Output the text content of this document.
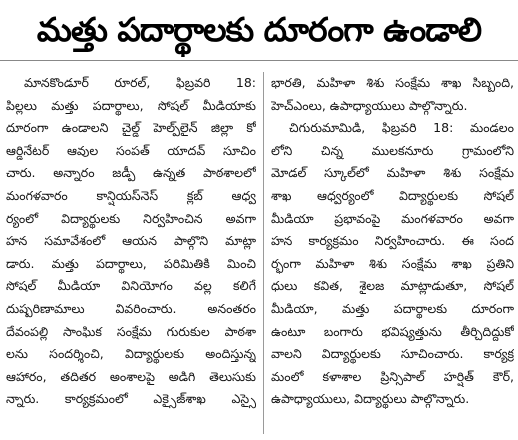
మత్తు పదార్థాలకు దూరంగా ఉండాలి
మానకొండూర్ రూరల్, ఫిబ్రవరి 18:
పిల్లలు మత్తు పదార్థాలు, సోషల్ మీడియాకు
దూరంగా ఉండాలని చైల్డ్ హెల్ప్‌లైన్ జిల్లా కో
ఆర్డినేటర్ ఆవుల సంపత్ యాదవ్ సూచిం
చారు. అన్నారం జడ్పీ ఉన్నత పాఠశాలలో
మంగళవారం కాన్షియస్‌నెస్ క్లబ్ ఆధ్వ
ర్యంలో విద్యార్థులకు నిర్వహించిన అవగా
హన సమావేశంలో ఆయన పాల్గొని మాట్లా
డారు. మత్తు పదార్థాలు, పరిమితికి మించి
సోషల్ మీడియా వినియోగం వల్ల కలిగే
దుష్పరిణామాలు వివరించారు. అనంతరం
దేవంపల్లి సాంఘిక సంక్షేమ గురుకుల పాఠశా
లను సందర్శించి, విద్యార్థులకు అందిస్తున్న
ఆహారం, తదితర అంశాలపై అడిగి తెలుసుకు
న్నారు. కార్యక్రమంలో ఎక్సైజ్‌శాఖ ఎస్సై
భారతి, మహిళా శిశు సంక్షేమ శాఖ సిబ్బంది,
హెచ్ఎంలు, ఉపాధ్యాయులు పాల్గొన్నారు.
చిగురుమామిడి, ఫిబ్రవరి 18: మండలం
లోని చిన్న ములకనూరు గ్రామంలోని
మోడల్ స్కూల్‌లో మహిళా శిశు సంక్షేమ
శాఖ ఆధ్వర్యంలో విద్యార్థులకు సోషల్
మీడియా ప్రభావంపై మంగళవారం అవగా
హన కార్యక్రమం నిర్వహించారు. ఈ సంద
ర్భంగా మహిళా శిశు సంక్షేమ శాఖ ప్రతిని
ధులు కవిత, శైలజ మాట్లాడుతూ, సోషల్
మీడియా, మత్తు పదార్థాలకు దూరంగా
ఉంటూ బంగారు భవిష్యత్తును తీర్చిదిద్దుకో
వాలని విద్యార్థులకు సూచించారు. కార్యక్ర
మంలో కళాశాల ప్రిన్సిపాల్ హర్షిత్ కౌర్,
ఉపాధ్యాయులు, విద్యార్థులు పాల్గొన్నారు.
